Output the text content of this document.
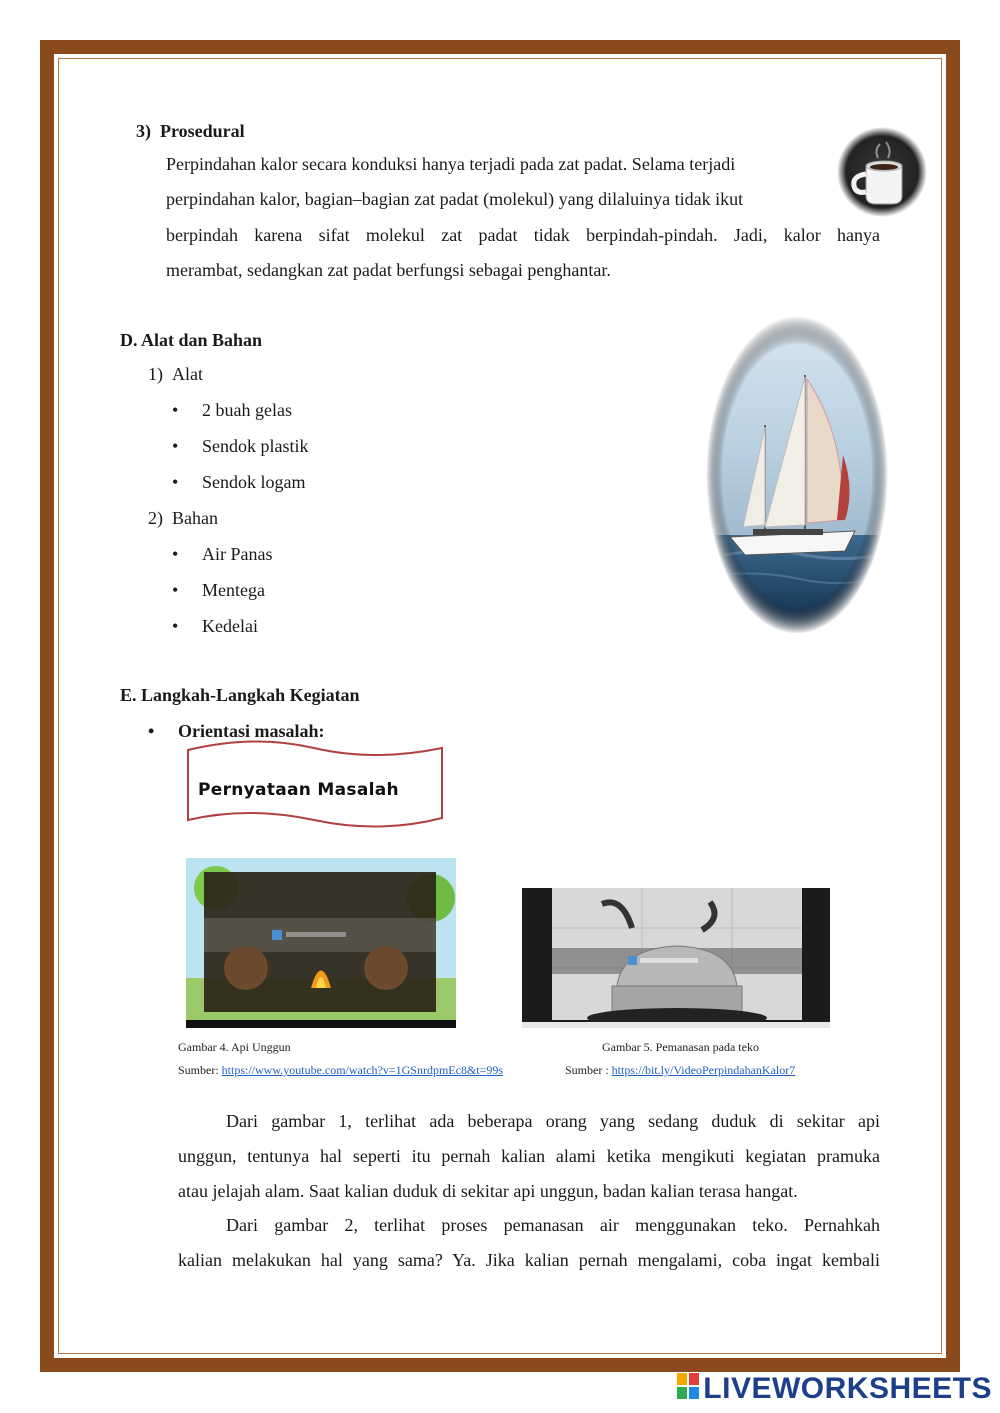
3)  Prosedural
Perpindahan kalor secara konduksi hanya terjadi pada zat padat. Selama terjadi
perpindahan kalor, bagian–bagian zat padat (molekul) yang dilaluinya tidak ikut
berpindah karena sifat molekul zat padat tidak berpindah-pindah. Jadi, kalor hanya
merambat, sedangkan zat padat berfungsi sebagai penghantar.
D. Alat dan Bahan
1)  Alat
• 2 buah gelas
• Sendok plastik
• Sendok logam
2)  Bahan
• Air Panas
• Mentega
• Kedelai
E. Langkah-Langkah Kegiatan
• Orientasi masalah:
Pernyataan Masalah
Gambar 4. Api Unggun	Gambar 5. Pemanasan pada teko
Sumber: https://www.youtube.com/watch?v=1GSnrdpmEc8&t=99s	Sumber : https://bit.ly/VideoPerpindahanKalor7
Dari gambar 1, terlihat ada beberapa orang yang sedang duduk di sekitar api
unggun, tentunya hal seperti itu pernah kalian alami ketika mengikuti kegiatan pramuka
atau jelajah alam. Saat kalian duduk di sekitar api unggun, badan kalian terasa hangat.
Dari gambar 2, terlihat proses pemanasan air menggunakan teko. Pernahkah
kalian melakukan hal yang sama? Ya. Jika kalian pernah mengalami, coba ingat kembali
LIVEWORKSHEETS
